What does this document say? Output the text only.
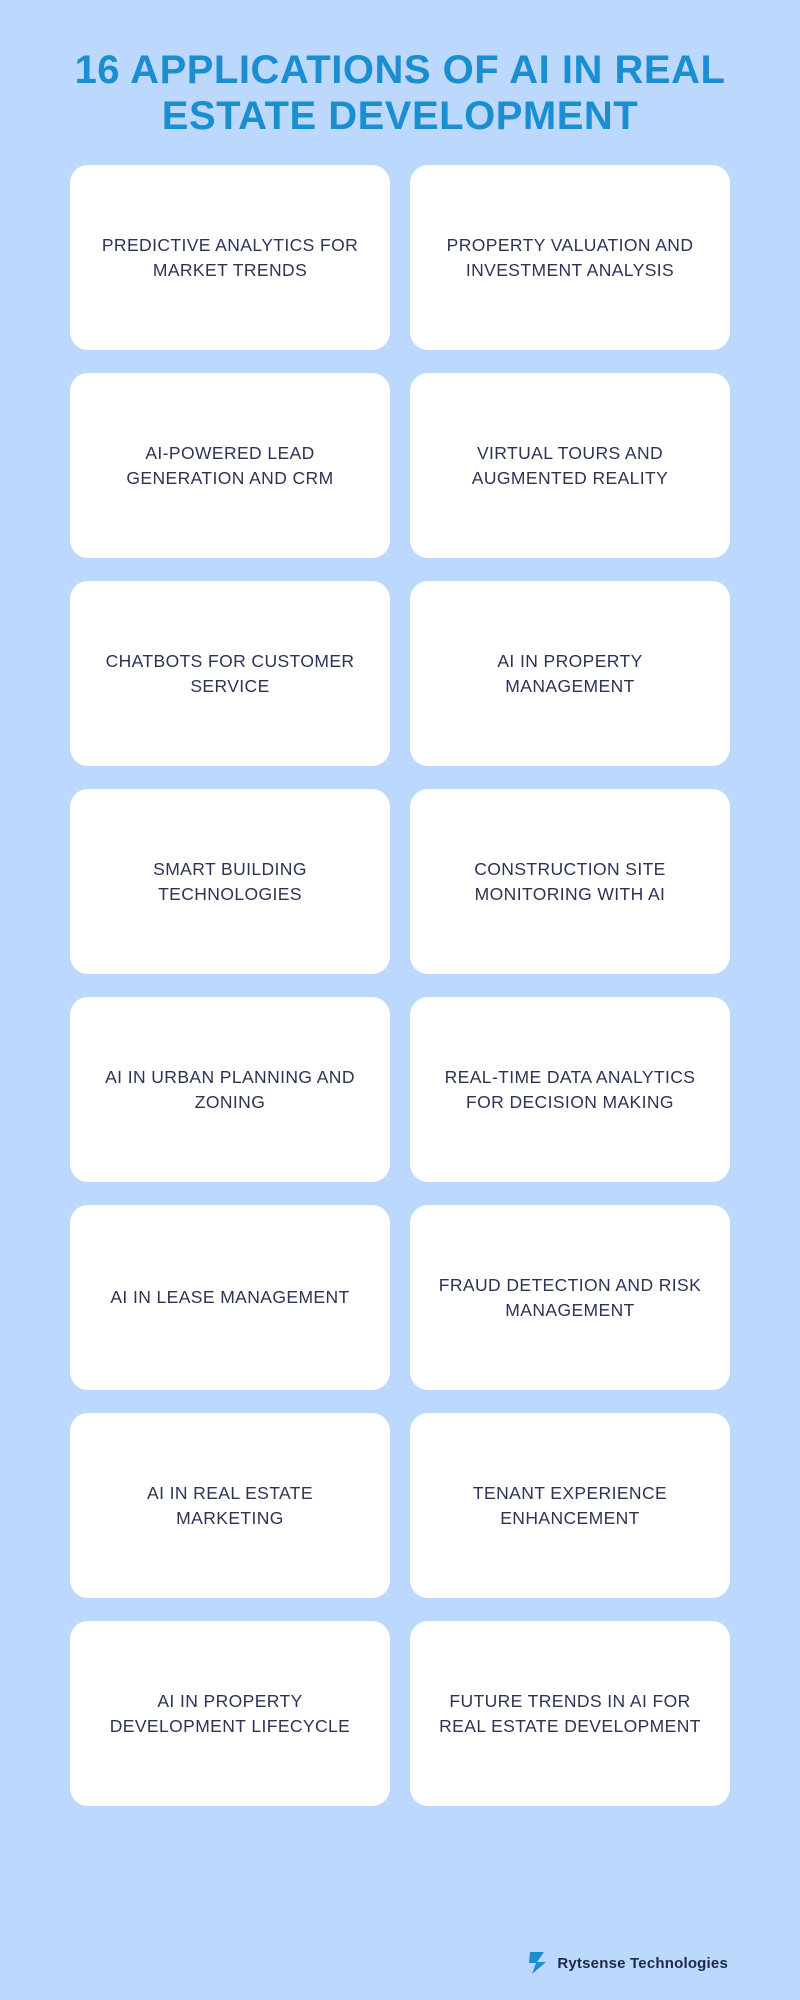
16 APPLICATIONS OF AI IN REAL ESTATE DEVELOPMENT
PREDICTIVE ANALYTICS FOR MARKET TRENDS
PROPERTY VALUATION AND INVESTMENT ANALYSIS
AI-POWERED LEAD GENERATION AND CRM
VIRTUAL TOURS AND AUGMENTED REALITY
CHATBOTS FOR CUSTOMER SERVICE
AI IN PROPERTY MANAGEMENT
SMART BUILDING TECHNOLOGIES
CONSTRUCTION SITE MONITORING WITH AI
AI IN URBAN PLANNING AND ZONING
REAL-TIME DATA ANALYTICS FOR DECISION MAKING
AI IN LEASE MANAGEMENT
FRAUD DETECTION AND RISK MANAGEMENT
AI IN REAL ESTATE MARKETING
TENANT EXPERIENCE ENHANCEMENT
AI IN PROPERTY DEVELOPMENT LIFECYCLE
FUTURE TRENDS IN AI FOR REAL ESTATE DEVELOPMENT
Rytsense Technologies
